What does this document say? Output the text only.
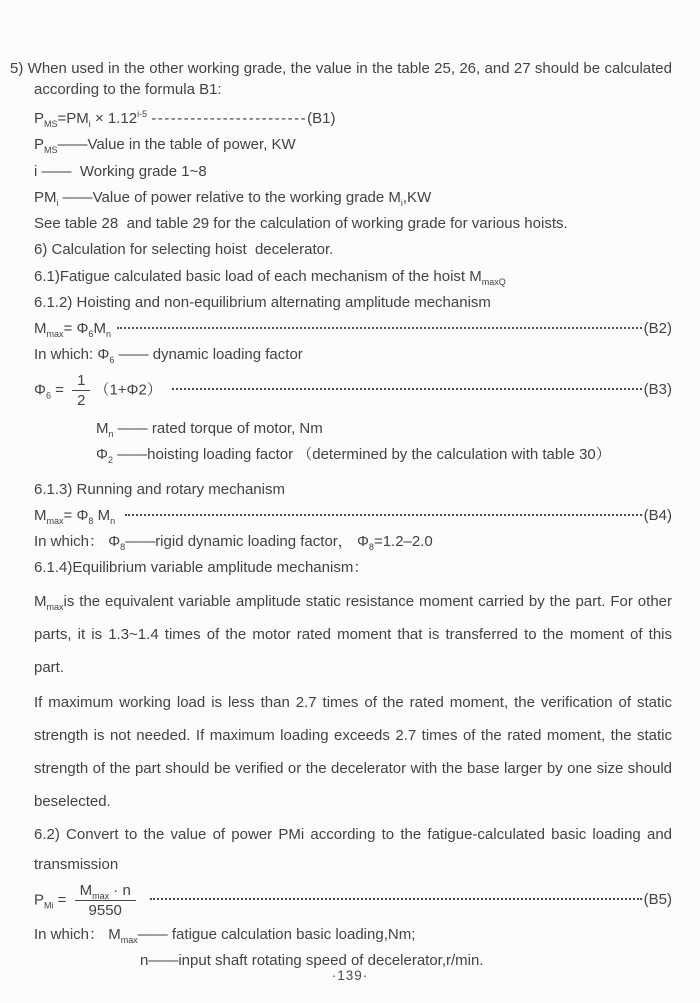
5) When used in the other working grade, the value in the table 25, 26, and 27 should be calculated according to the formula B1:

$P_{MS}=PM_i \times 1.12^{i-5}$ ------------------------(B1)
$P_{MS}——Value$ in the table of power, KW
i ——  Working grade 1~8
$PM_i$ ——Value of power relative to the working grade $M_i,KW$
See table 28  and table 29 for the calculation of working grade for various hoists.
6) Calculation for selecting hoist  decelerator.
6.1)Fatigue calculated basic load of each mechanism of the hoist $M_{maxQ}$
6.1.2) Hoisting and non-equilibrium alternating amplitude mechanism
$M_{max}= \Phi_6M_n$	(B2)
In which: $\Phi_6$ —— dynamic loading factor
$\Phi_6 = \frac{1}{2} (1+\Phi 2)$	(B3)
$M_n$ —— rated torque of motor, Nm
$\Phi_2$ ——hoisting loading factor （determined by the calculation with table 30）
6.1.3) Running and rotary mechanism
$M_{max}= \Phi_8$ $M_n$	(B4)
In which： $\Phi_8——rigid$ dynamic loading factor， $\Phi_8=1.2-2.0$
6.1.4)Equilibrium variable amplitude mechanism：

$M_{max}is$ the equivalent variable amplitude static resistance moment carried by the part. For other parts, it is 1.3~1.4 times of the motor rated moment that is transferred to the moment of this part.

If maximum working load is less than 2.7 times of the rated moment, the verification of static strength is not needed. If maximum loading exceeds 2.7 times of the rated moment, the static strength of the part should be verified or the decelerator with the base larger by one size should beselected.

6.2) Convert to the value of power PMi according to the fatigue-calculated basic loading and transmission

$P_{Mi} = \frac{M_{max} \cdot n}{9550}$
	(B5)
In which： $M_{max}——$ fatigue calculation basic loading,Nm;
n——input shaft rotating speed of decelerator,r/min.
·139·
